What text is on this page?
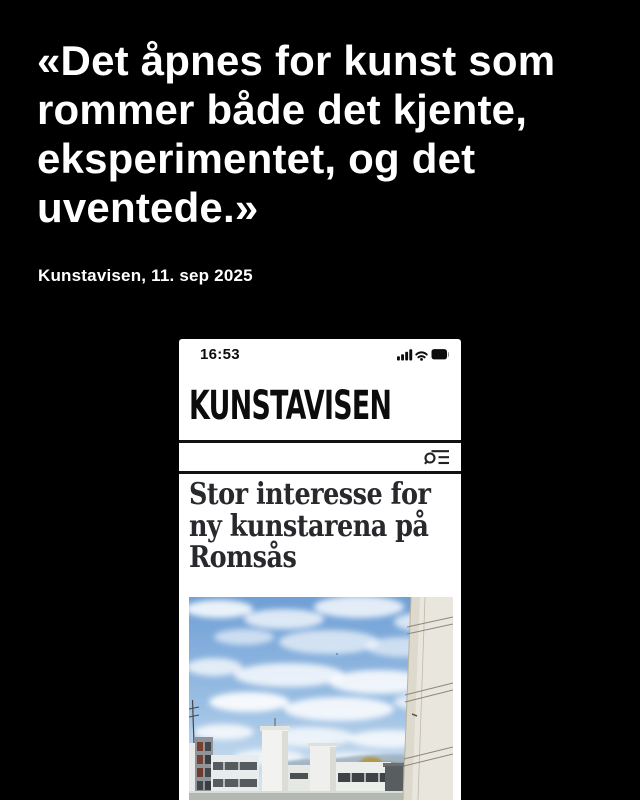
«Det åpnes for kunst som
rommer både det kjente,
eksperimentet, og det
uventede.»
Kunstavisen, 11. sep 2025
16:53
KUNSTAVISEN
Stor interesse for
ny kunstarena på
Romsås
